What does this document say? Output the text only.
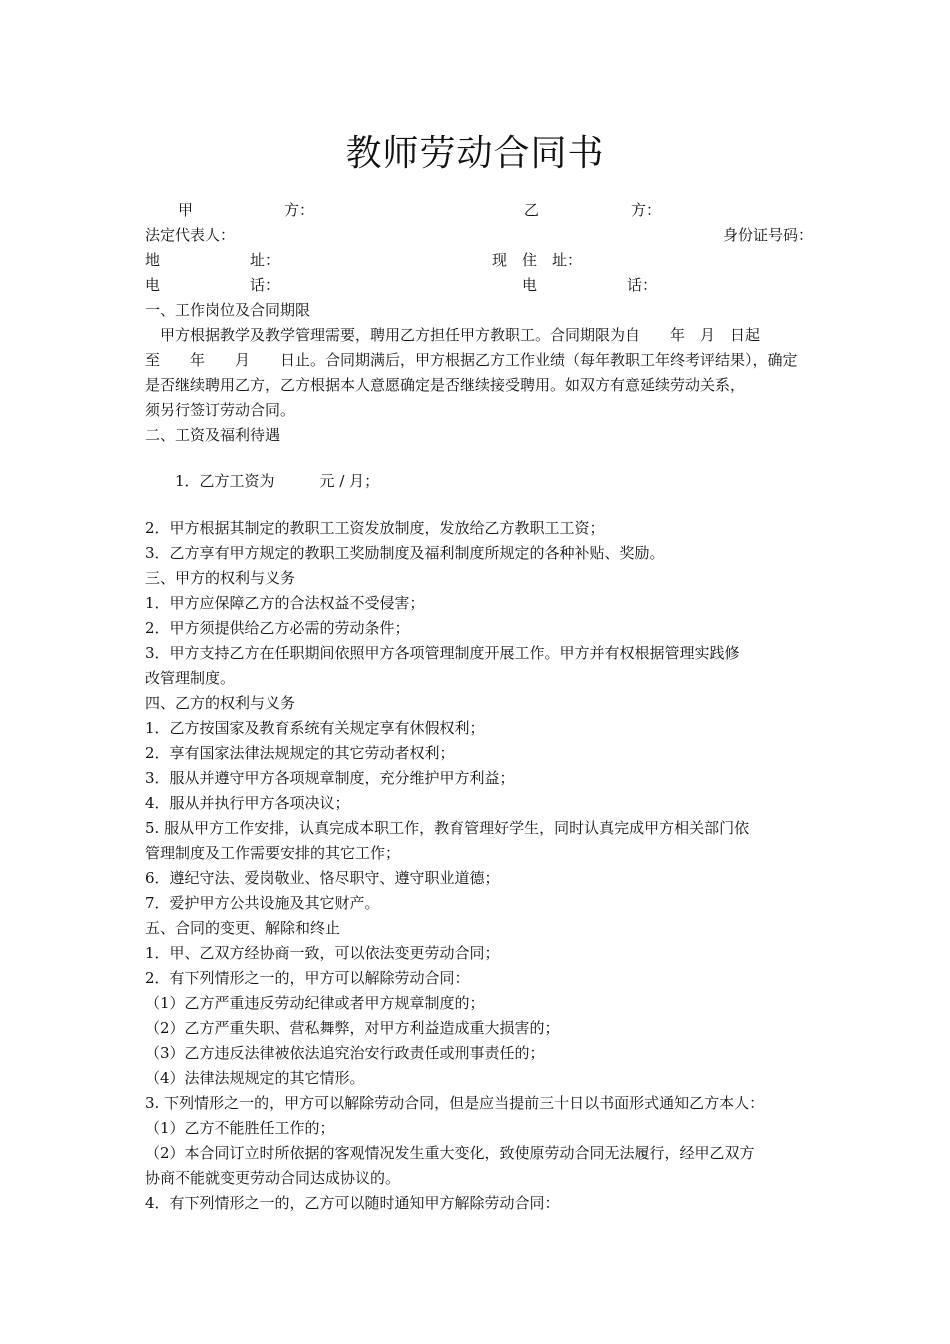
教师劳动合同书
甲	方：	乙	方：
法定代表人：	身份证号码：
地	址：	现　住　址：
电	话：	电	话：
一、工作岗位及合同期限
　甲方根据教学及教学管理需要，聘用乙方担任甲方教职工。合同期限为自　　年　月　日起
至　　年　　月　　日止。合同期满后，甲方根据乙方工作业绩（每年教职工年终考评结果），确定
是否继续聘用乙方，乙方根据本人意愿确定是否继续接受聘用。如双方有意延续劳动关系，
须另行签订劳动合同。
二、工资及福利待遇
1．乙方工资为　　　元 / 月；
2．甲方根据其制定的教职工工资发放制度，发放给乙方教职工工资；
3．乙方享有甲方规定的教职工奖励制度及福利制度所规定的各种补贴、奖励。
三、甲方的权利与义务
1．甲方应保障乙方的合法权益不受侵害；
2．甲方须提供给乙方必需的劳动条件；
3．甲方支持乙方在任职期间依照甲方各项管理制度开展工作。甲方并有权根据管理实践修
改管理制度。
四、乙方的权利与义务
1．乙方按国家及教育系统有关规定享有休假权利；
2．享有国家法律法规规定的其它劳动者权利；
3．服从并遵守甲方各项规章制度，充分维护甲方利益；
4．服从并执行甲方各项决议；
5. 服从甲方工作安排，认真完成本职工作，教育管理好学生，同时认真完成甲方相关部门依
管理制度及工作需要安排的其它工作；
6．遵纪守法、爱岗敬业、恪尽职守、遵守职业道德；
7．爱护甲方公共设施及其它财产。
五、合同的变更、解除和终止
1．甲、乙双方经协商一致，可以依法变更劳动合同；
2．有下列情形之一的，甲方可以解除劳动合同：
（1）乙方严重违反劳动纪律或者甲方规章制度的；
（2）乙方严重失职、营私舞弊，对甲方利益造成重大损害的；
（3）乙方违反法律被依法追究治安行政责任或刑事责任的；
（4）法律法规规定的其它情形。
3. 下列情形之一的，甲方可以解除劳动合同，但是应当提前三十日以书面形式通知乙方本人：
（1）乙方不能胜任工作的；
（2）本合同订立时所依据的客观情况发生重大变化，致使原劳动合同无法履行，经甲乙双方
协商不能就变更劳动合同达成协议的。
4．有下列情形之一的，乙方可以随时通知甲方解除劳动合同：
